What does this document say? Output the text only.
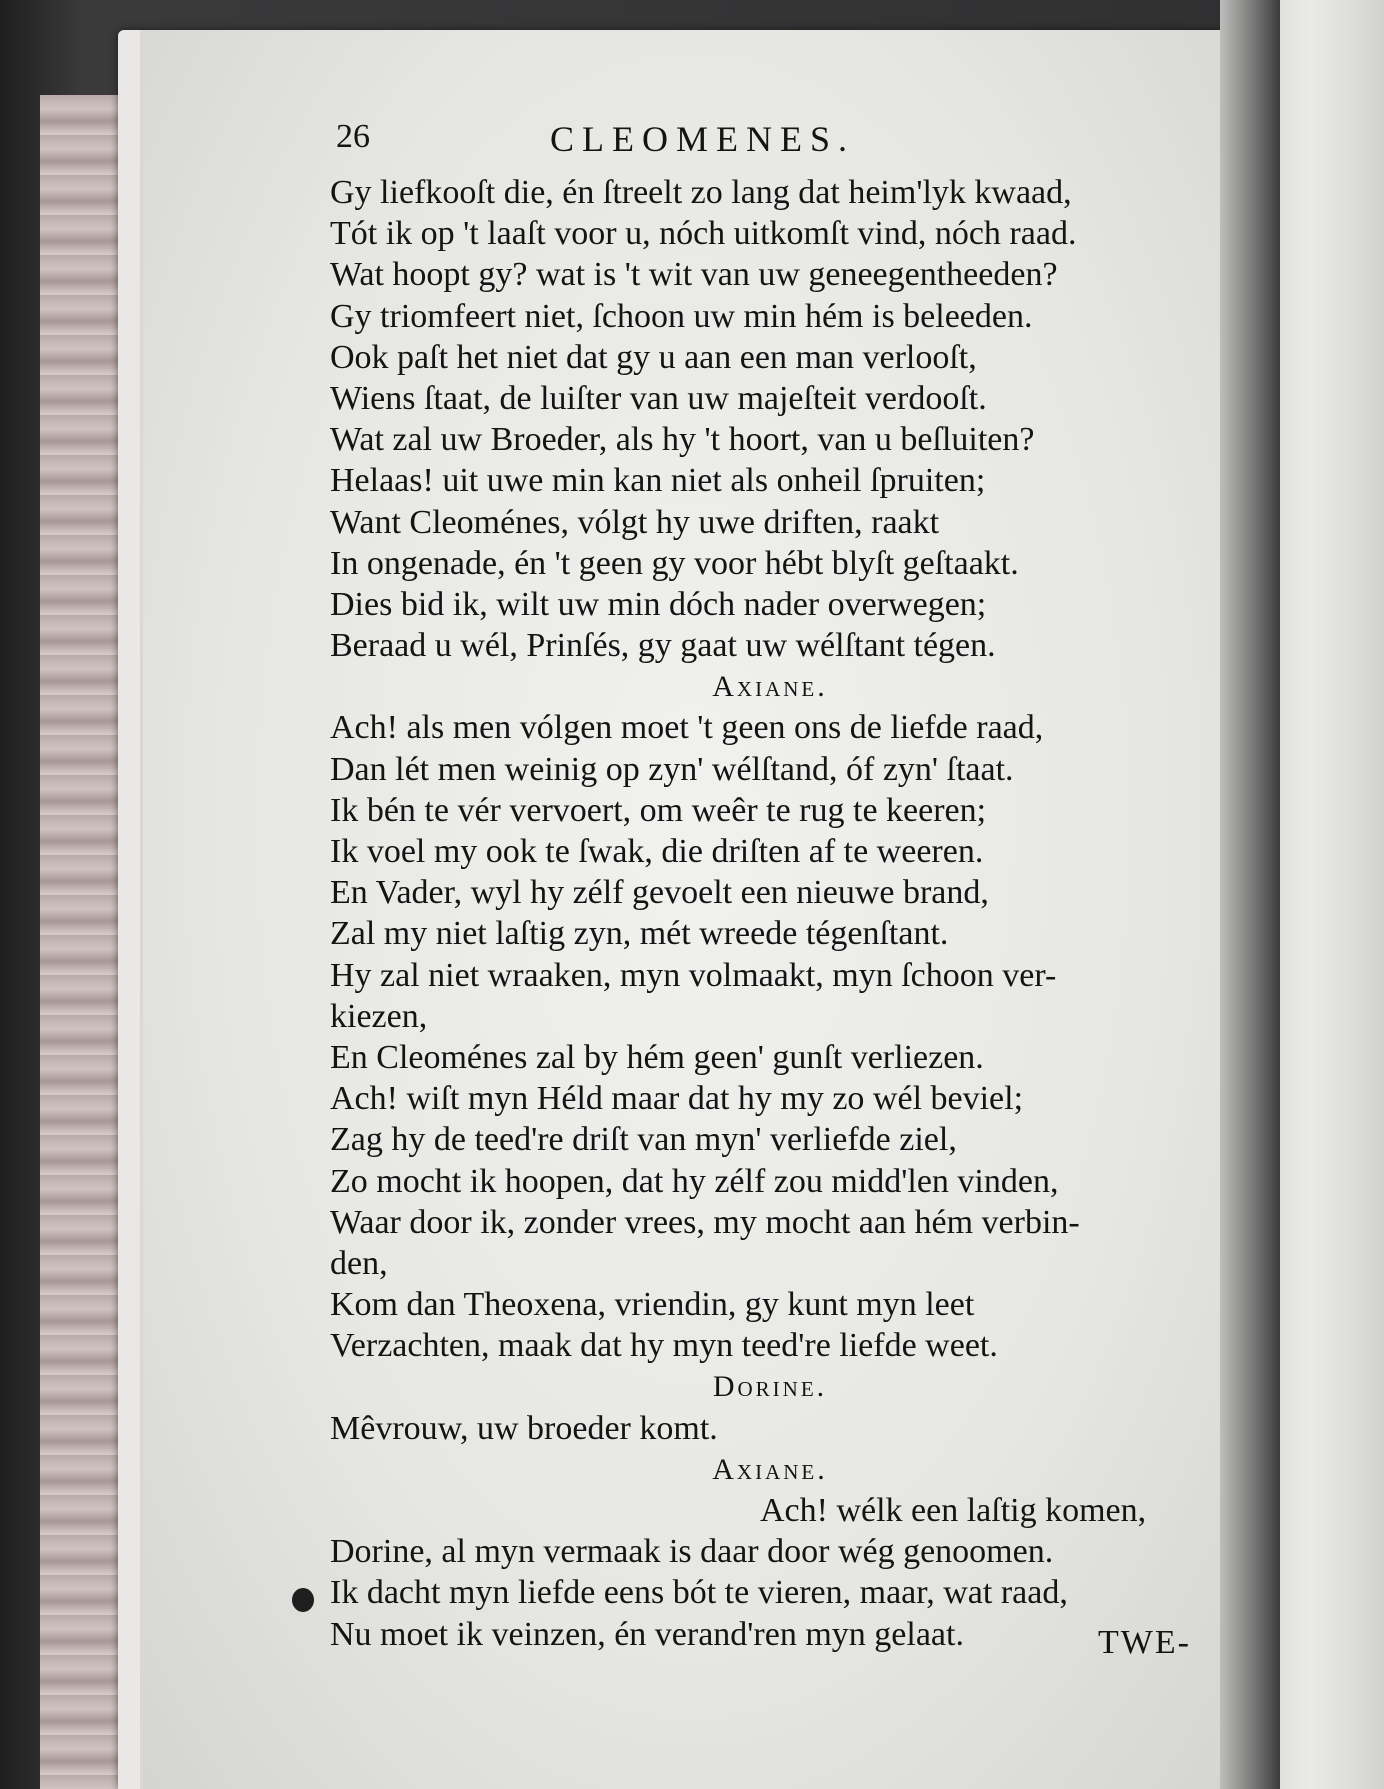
26	CLEOMENES.
Gy liefkooſt die, én ſtreelt zo lang dat heim'lyk kwaad,
Tót ik op 't laaſt voor u, nóch uitkomſt vind, nóch raad.
Wat hoopt gy? wat is 't wit van uw geneegentheeden?
Gy triomfeert niet, ſchoon uw min hém is beleeden.
Ook paſt het niet dat gy u aan een man verlooſt,
Wiens ſtaat, de luiſter van uw majeſteit verdooſt.
Wat zal uw Broeder, als hy 't hoort, van u beſluiten?
Helaas! uit uwe min kan niet als onheil ſpruiten;
Want Cleoménes, vólgt hy uwe driften, raakt
In ongenade, én 't geen gy voor hébt blyſt geſtaakt.
Dies bid ik, wilt uw min dóch nader overwegen;
Beraad u wél, Prinſés, gy gaat uw wélſtant tégen.
Axiane.
Ach! als men vólgen moet 't geen ons de liefde raad,
Dan lét men weinig op zyn' wélſtand, óf zyn' ſtaat.
Ik bén te vér vervoert, om weêr te rug te keeren;
Ik voel my ook te ſwak, die driſten af te weeren.
En Vader, wyl hy zélf gevoelt een nieuwe brand,
Zal my niet laſtig zyn, mét wreede tégenſtant.
Hy zal niet wraaken, myn volmaakt, myn ſchoon ver-
kiezen,
En Cleoménes zal by hém geen' gunſt verliezen.
Ach! wiſt myn Héld maar dat hy my zo wél beviel;
Zag hy de teed're driſt van myn' verliefde ziel,
Zo mocht ik hoopen, dat hy zélf zou midd'len vinden,
Waar door ik, zonder vrees, my mocht aan hém verbin-
den,
Kom dan Theoxena, vriendin, gy kunt myn leet
Verzachten, maak dat hy myn teed're liefde weet.
Dorine.
Mêvrouw, uw broeder komt.
Axiane.
Ach! wélk een laſtig komen,
Dorine, al myn vermaak is daar door wég genoomen.
Ik dacht myn liefde eens bót te vieren, maar, wat raad,
Nu moet ik veinzen, én verand'ren myn gelaat.	TWE-
